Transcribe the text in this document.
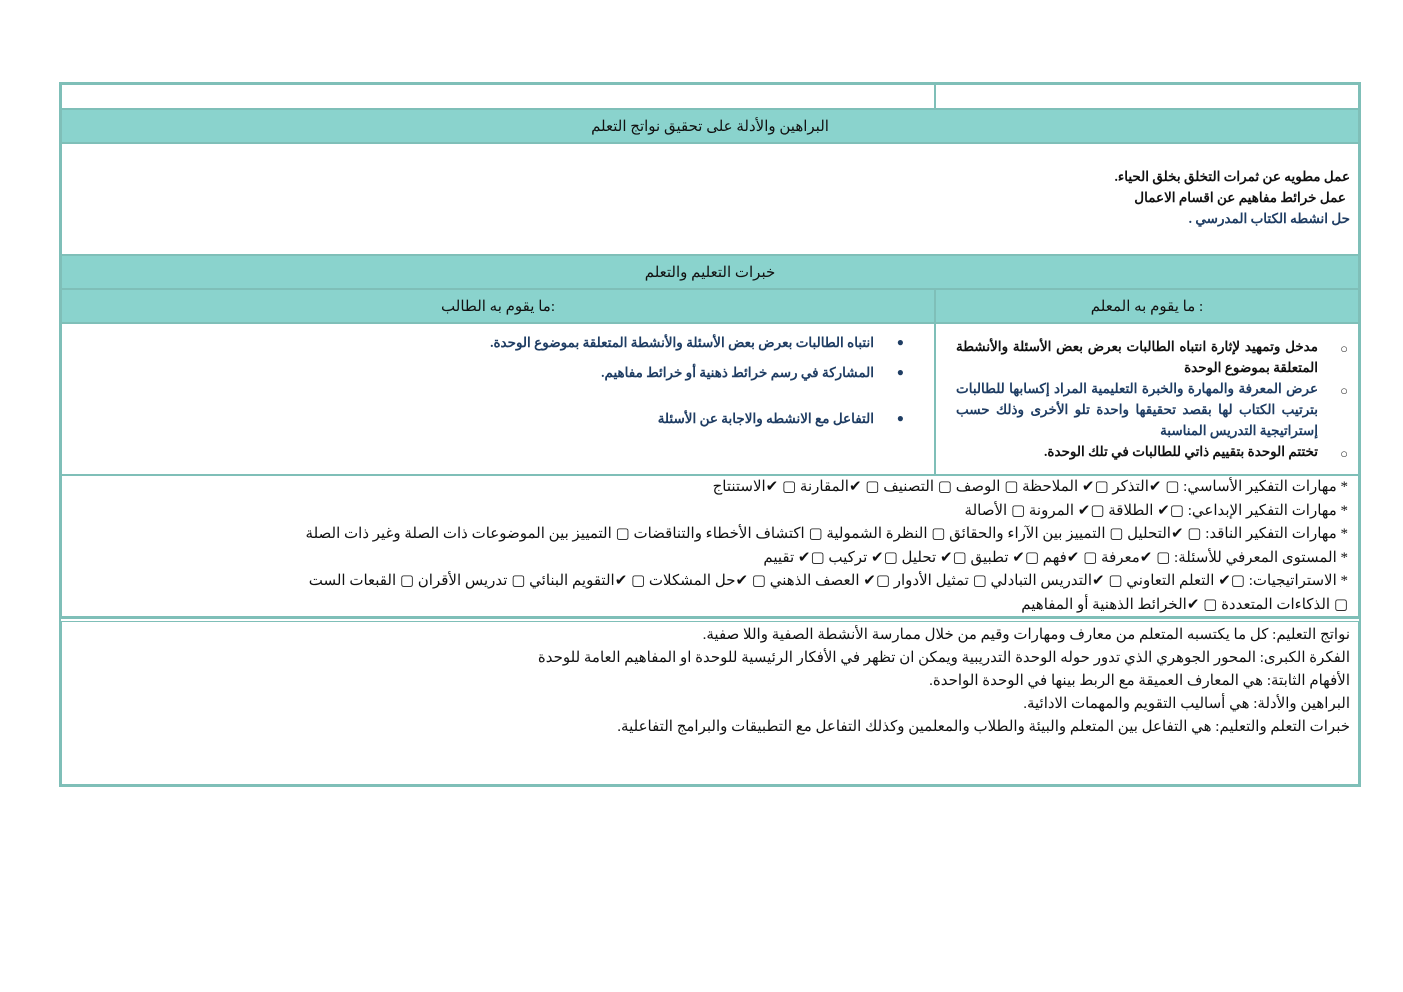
البراهين والأدلة على تحقيق نواتج التعلم

عمل مطويه عن ثمرات التخلق بخلق الحياء.

عمل خرائط مفاهيم عن اقسام الاعمال

حل انشطه الكتاب المدرسي .

خبرات التعليم والتعلم
ما يقوم به الطالب:	ما يقوم به المعلم :
●
انتباه الطالبات بعرض بعض الأسئلة والأنشطة المتعلقة بموضوع الوحدة.
●
المشاركة في رسم خرائط ذهنية أو خرائط مفاهيم.
●
التفاعل مع الانشطه والاجابة عن الأسئلة
○
مدخل وتمهيد لإثارة انتباه الطالبات بعرض بعض الأسئلة والأنشطة المتعلقة بموضوع الوحدة
○
عرض المعرفة والمهارة والخبرة التعليمية المراد إكسابها للطالبات بترتيب الكتاب لها بقصد تحقيقها واحدة تلو الأخرى وذلك حسب إستراتيجية التدريس المناسبة
○
تختتم الوحدة بتقييم ذاتي للطالبات في تلك الوحدة.
* مهارات التفكير الأساسي: ▢ ✔التذكر ▢✔ الملاحظة ▢ الوصف ▢ التصنيف ▢ ✔المقارنة ▢ ✔الاستنتاج
* مهارات التفكير الإبداعي: ▢✔ الطلاقة ▢✔ المرونة ▢ الأصالة
* مهارات التفكير الناقد: ▢ ✔التحليل ▢ التمييز بين الآراء والحقائق ▢ النظرة الشمولية ▢ اكتشاف الأخطاء والتناقضات ▢ التمييز بين الموضوعات ذات الصلة وغير ذات الصلة
* المستوى المعرفي للأسئلة: ▢ ✔معرفة ▢ ✔فهم ▢✔ تطبيق ▢✔ تحليل ▢✔ تركيب ▢✔ تقييم
* الاستراتيجيات: ▢✔ التعلم التعاوني ▢ ✔التدريس التبادلي ▢ تمثيل الأدوار ▢✔ العصف الذهني ▢ ✔حل المشكلات ▢ ✔التقويم البنائي ▢ تدريس الأقران ▢ القبعات الست
▢ الذكاءات المتعددة ▢ ✔الخرائط الذهنية أو المفاهيم
نواتج التعليم: كل ما يكتسبه المتعلم من معارف ومهارات وقيم من خلال ممارسة الأنشطة الصفية واللا صفية.
الفكرة الكبرى: المحور الجوهري الذي تدور حوله الوحدة التدريبية ويمكن ان تظهر في الأفكار الرئيسية للوحدة او المفاهيم العامة للوحدة
الأفهام الثابتة: هي المعارف العميقة مع الربط بينها في الوحدة الواحدة.
البراهين والأدلة: هي أساليب التقويم والمهمات الادائية.
خبرات التعلم والتعليم: هي التفاعل بين المتعلم والبيئة والطلاب والمعلمين وكذلك التفاعل مع التطبيقات والبرامج التفاعلية.
